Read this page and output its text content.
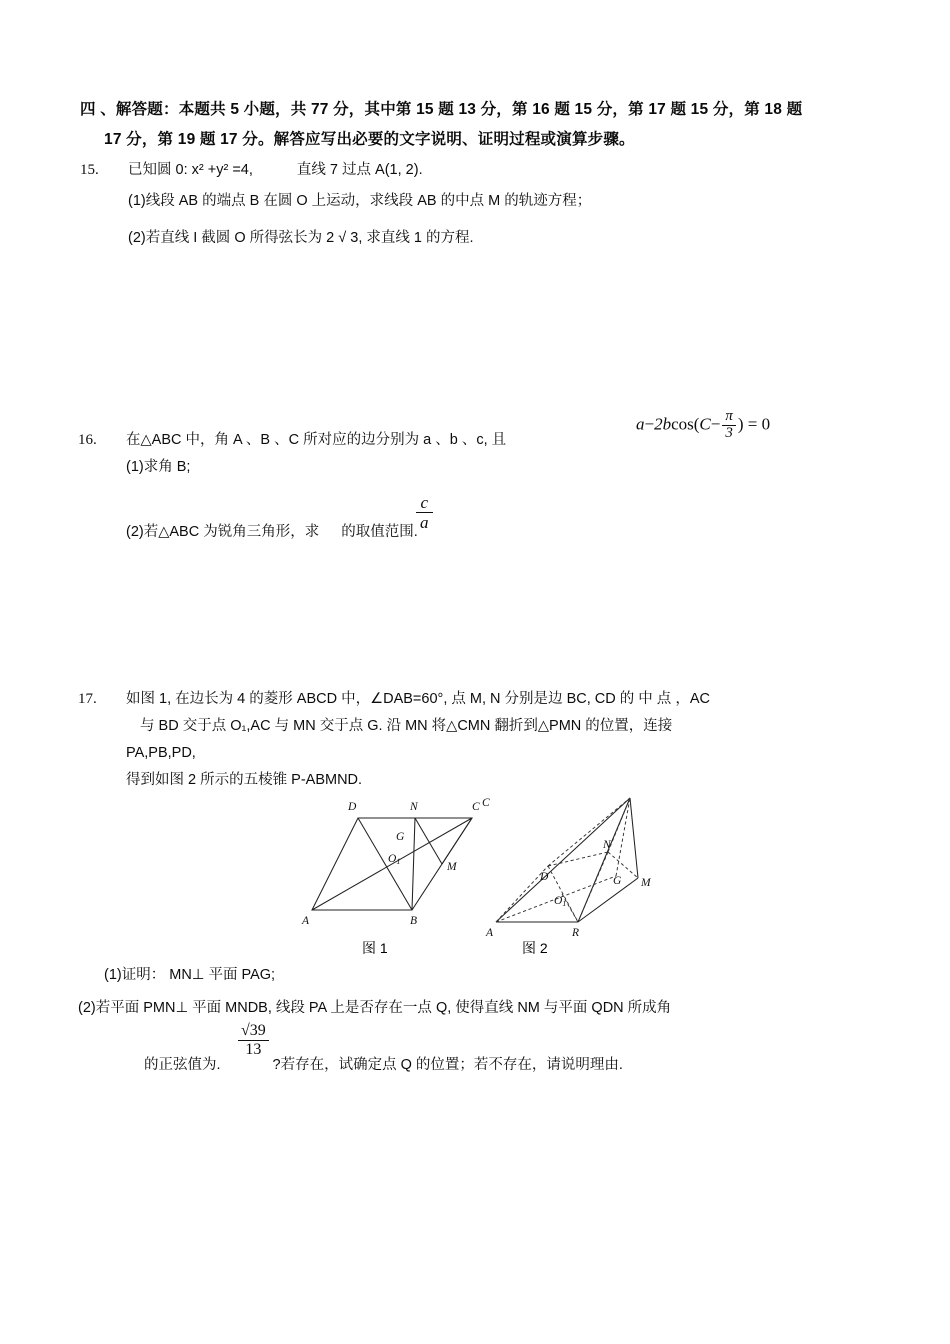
四 、解答题：本题共 5 小题，共 77 分，其中第 15 题 13 分，第 16 题 15 分，第 17 题 15 分，第 18 题
17 分，第 19 题 17 分。解答应写出必要的文字说明、证明过程或演算步骤。
15.	已知圆 0: x² +y² =4,	直线 7 过点 A(1, 2).
(1)线段 AB 的端点 B 在圆 O 上运动，求线段 AB 的中点 M 的轨迹方程；
(2)若直线 I 截圆 O 所得弦长为 2 √ 3, 求直线 1 的方程.
16.	在△ABC 中，角 A 、B 、C 所对应的边分别为 a 、b 、c, 且
$a-2bcos(C- \frac{\pi}{3}$ ) = 0
(1)求角 B;
(2)若△ABC 为锐角三角形，求	$\frac{c}{a}$
的取值范围.
17.	如图 1, 在边长为 4 的菱形 ABCD 中，∠DAB=60°, 点 M, N 分别是边 BC, CD 的 中 点 ，AC
与 BD 交于点 O₁,AC 与 MN 交于点 G. 沿 MN 将△CMN 翻折到△PMN 的位置，连接
PA,PB,PD,
得到如图 2 所示的五棱锥 P-ABMND.
A	B
C
D
M
N
G
O1
A	R
C
D	M
N
G
O1
图 1	图 2
(1)证明： MN⊥ 平面 PAG;
(2)若平面 PMN⊥ 平面 MNDB, 线段 PA 上是否存在一点 Q, 使得直线 NM 与平面 QDN 所成角
的正弦值为.
$\frac{√39}{13}$
?若存在，试确定点 Q 的位置；若不存在，请说明理由.
